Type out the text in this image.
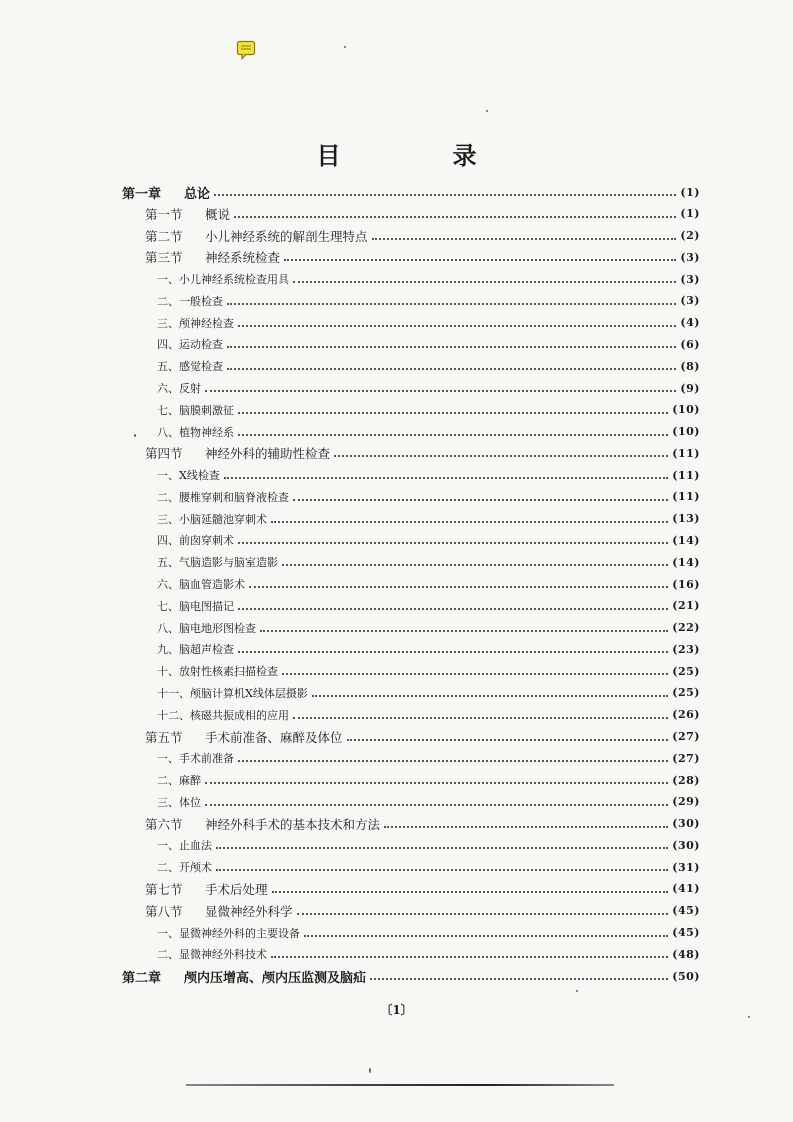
目　录
第一章 总论	(1)
第一节 概说	(1)
第二节 小儿神经系统的解剖生理特点	(2)
第三节 神经系统检查	(3)
一、小儿神经系统检查用具	(3)
二、一般检查	(3)
三、颅神经检查	(4)
四、运动检查	(6)
五、感觉检查	(8)
六、反射	(9)
七、脑膜刺激征	(10)
八、植物神经系	(10)
第四节 神经外科的辅助性检查	(11)
一、X线检查	(11)
二、腰椎穿刺和脑脊液检查	(11)
三、小脑延髓池穿刺术	(13)
四、前囱穿刺术	(14)
五、气脑造影与脑室造影	(14)
六、脑血管造影术	(16)
七、脑电图描记	(21)
八、脑电地形图检查	(22)
九、脑超声检查	(23)
十、放射性核素扫描检查	(25)
十一、颅脑计算机X线体层摄影	(25)
十二、核磁共振成相的应用	(26)
第五节 手术前准备、麻醉及体位	(27)
一、手术前准备	(27)
二、麻醉	(28)
三、体位	(29)
第六节 神经外科手术的基本技术和方法	(30)
一、止血法	(30)
二、开颅术	(31)
第七节 手术后处理	(41)
第八节 显微神经外科学	(45)
一、显微神经外科的主要设备	(45)
二、显微神经外科技术	(48)
第二章 颅内压增高、颅内压监测及脑疝	(50)
〔1〕
